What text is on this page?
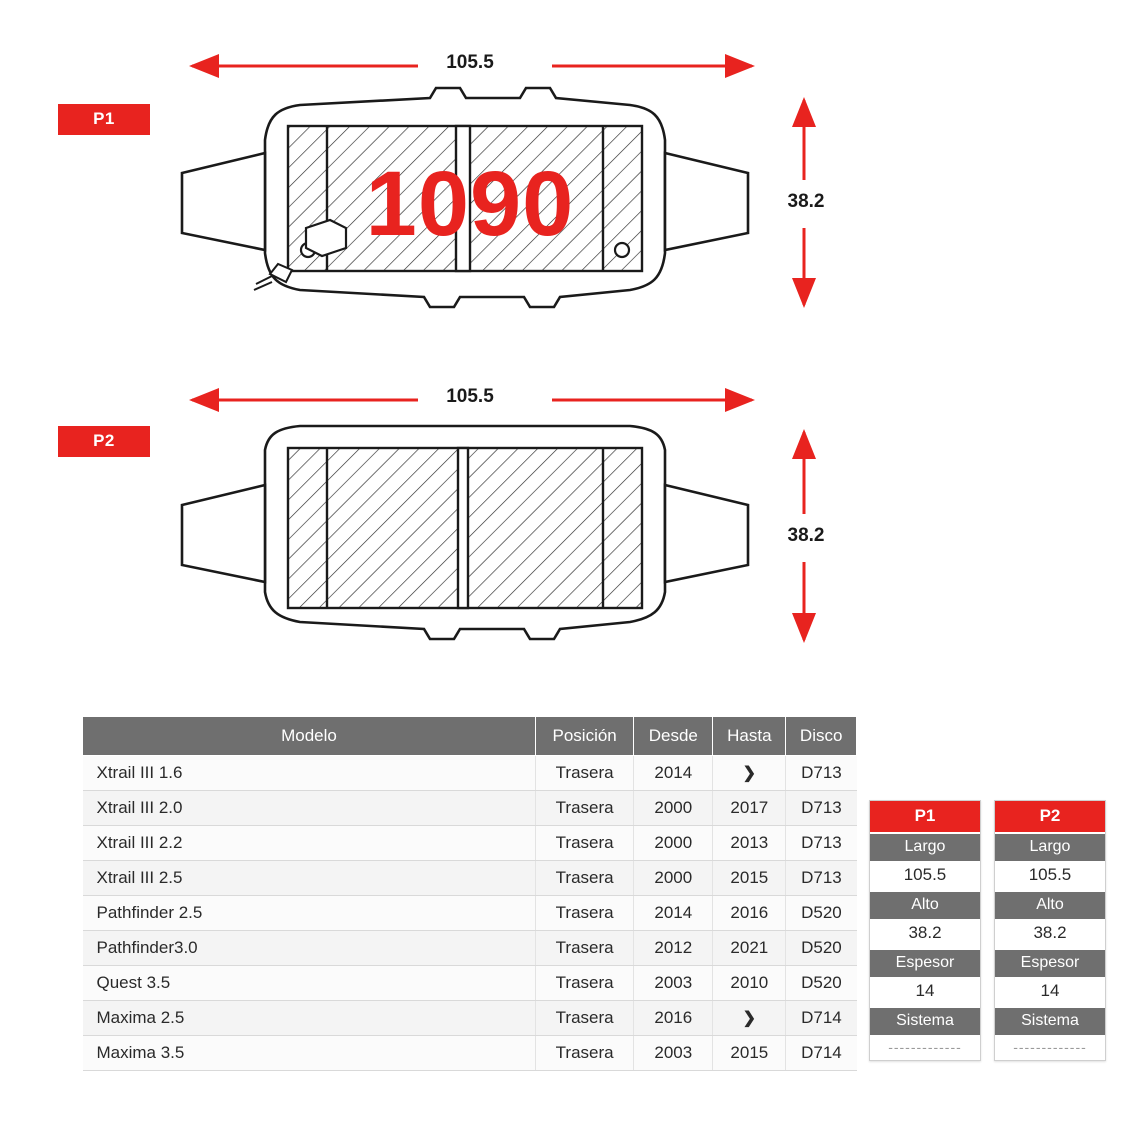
P1
P2
105.5
105.5
38.2
38.2
1090
Modelo	Posición	Desde	Hasta	Disco
Xtrail III 1.6	Trasera	2014	❯	D713
Xtrail III 2.0	Trasera	2000	2017	D713
Xtrail III 2.2	Trasera	2000	2013	D713
Xtrail III 2.5	Trasera	2000	2015	D713
Pathfinder 2.5	Trasera	2014	2016	D520
Pathfinder3.0	Trasera	2012	2021	D520
Quest 3.5	Trasera	2003	2010	D520
Maxima 2.5	Trasera	2016	❯	D714
Maxima 3.5	Trasera	2003	2015	D714
P1
Largo
105.5
Alto
38.2
Espesor
14
Sistema
-------------
P2
Largo
105.5
Alto
38.2
Espesor
14
Sistema
-------------
